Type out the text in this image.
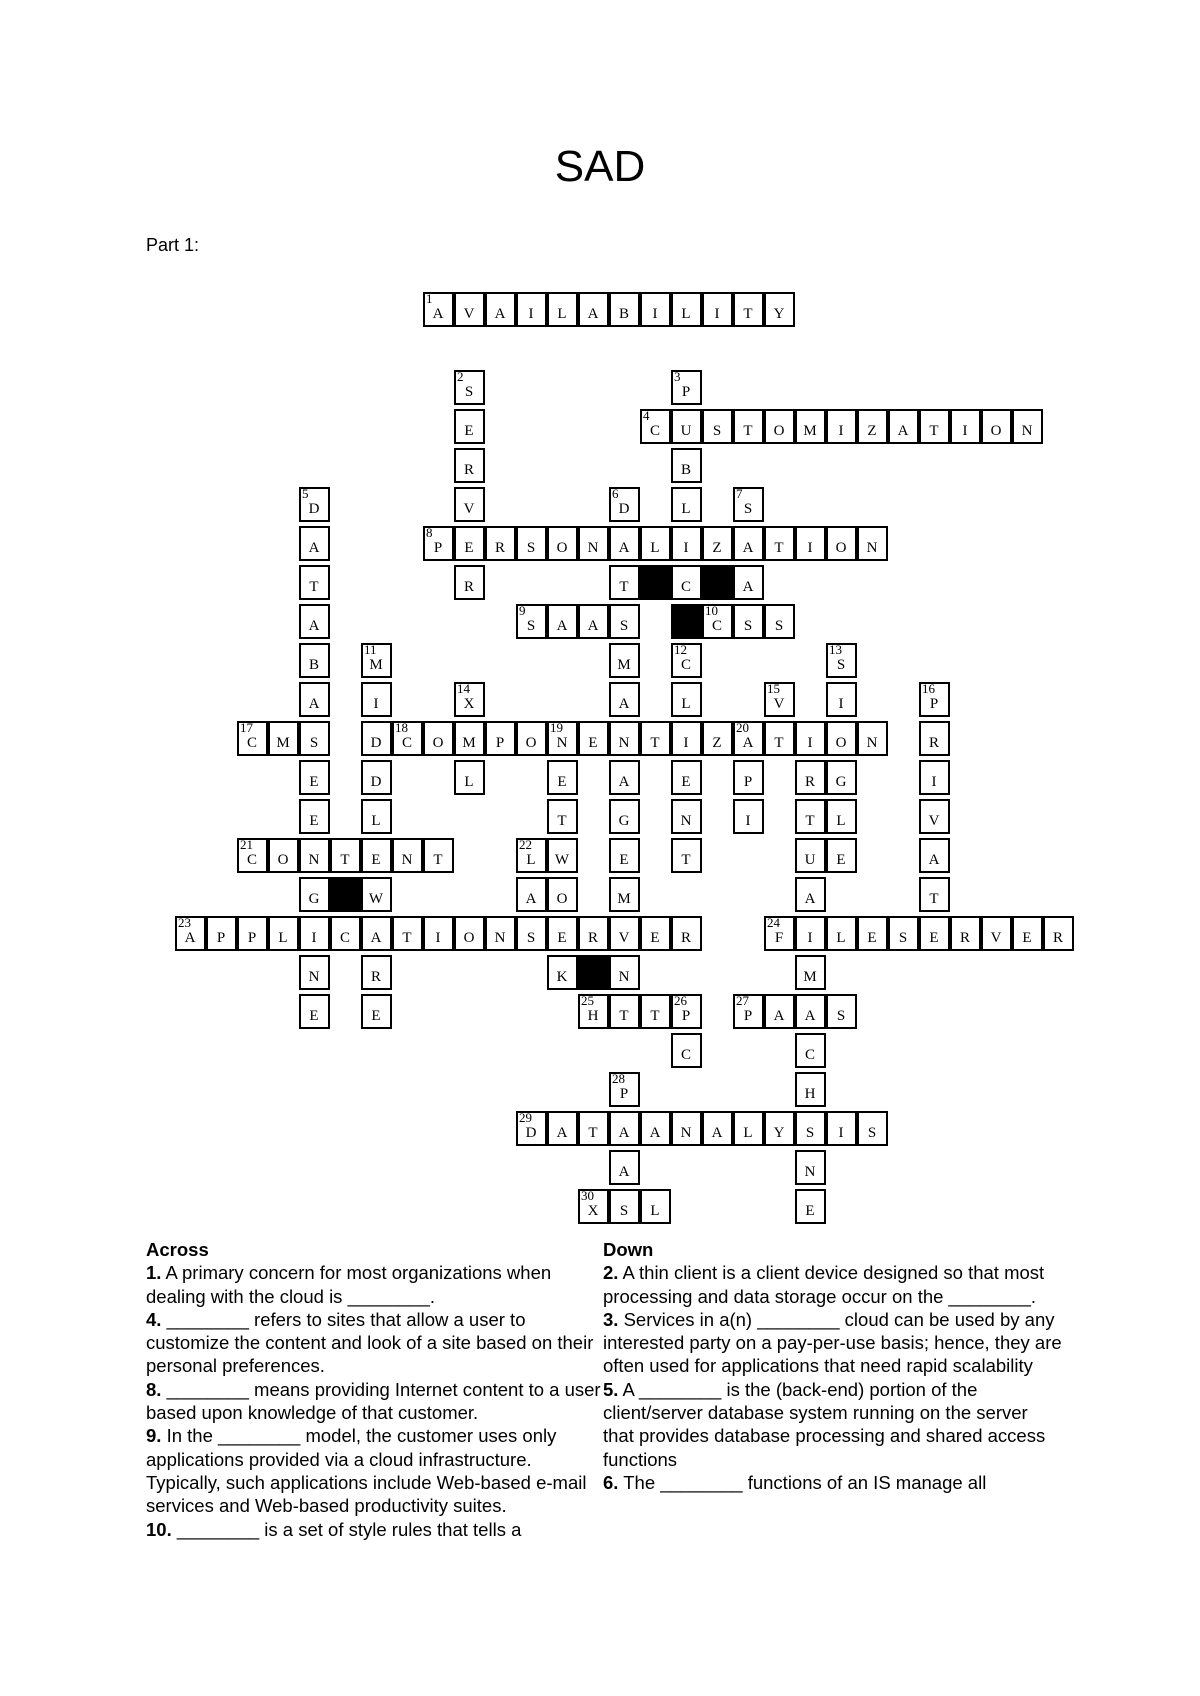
SAD
Part 1:
1
A	V	A	I	L	A	B	I	L	I	T	Y
2
S
3
P
4
C	U	S	T	O	M	I	Z	A	T	I	O	N
E
R	B
5
D	V
6
D	L
7
S
A
8
P	E	R	S	O	N	A	L	I	Z	A	T	I	O	N
T	R	T	C	A
A
9
S	A	A	S
10
C	S	S
B
11
M	M
12
C
13
S
A	I
14
X	A	L
15
V	I
16
P
17
C	M	S	D
18
C	O	M	P	O
19
N	E	N	T	I	Z
20
A	T	I	O	N	R
E	D	L	E	A	E	P	R	G	I
E	L	T	G	N	I	T	L	V
21
C	O	N	T	E	N	T
22
L	W	E	T	U	E	A
G	W	A	O	M	A	T
23
A	P	P	L	I	C	A	T	I	O	N	S	E	R	V	E	R
24
F	I	L	E	S	E	R	V	E	R
N	R	K	N	M
E	E
25
H	T	T
26
P
27
P	A	A	S
C	C
28
P	H
29
D	A	T	A	A	N	A	L	Y	S	I	S
A	N
30
X	S	L	E
Across
1. A primary concern for most organizations when dealing with the cloud is ________.
4. ________ refers to sites that allow a user to customize the content and look of a site based on their personal preferences.
8. ________ means providing Internet content to a user based upon knowledge of that customer.
9. In the ________ model, the customer uses only applications provided via a cloud infrastructure. Typically, such applications include Web-based e-mail services and Web-based productivity suites.
10. ________ is a set of style rules that tells a
Down
2. A thin client is a client device designed so that most processing and data storage occur on the ________.
3. Services in a(n) ________ cloud can be used by any interested party on a pay-per-use basis; hence, they are often used for applications that need rapid scalability
5. A ________ is the (back-end) portion of the client/server database system running on the server that provides database processing and shared access functions
6. The ________ functions of an IS manage all
